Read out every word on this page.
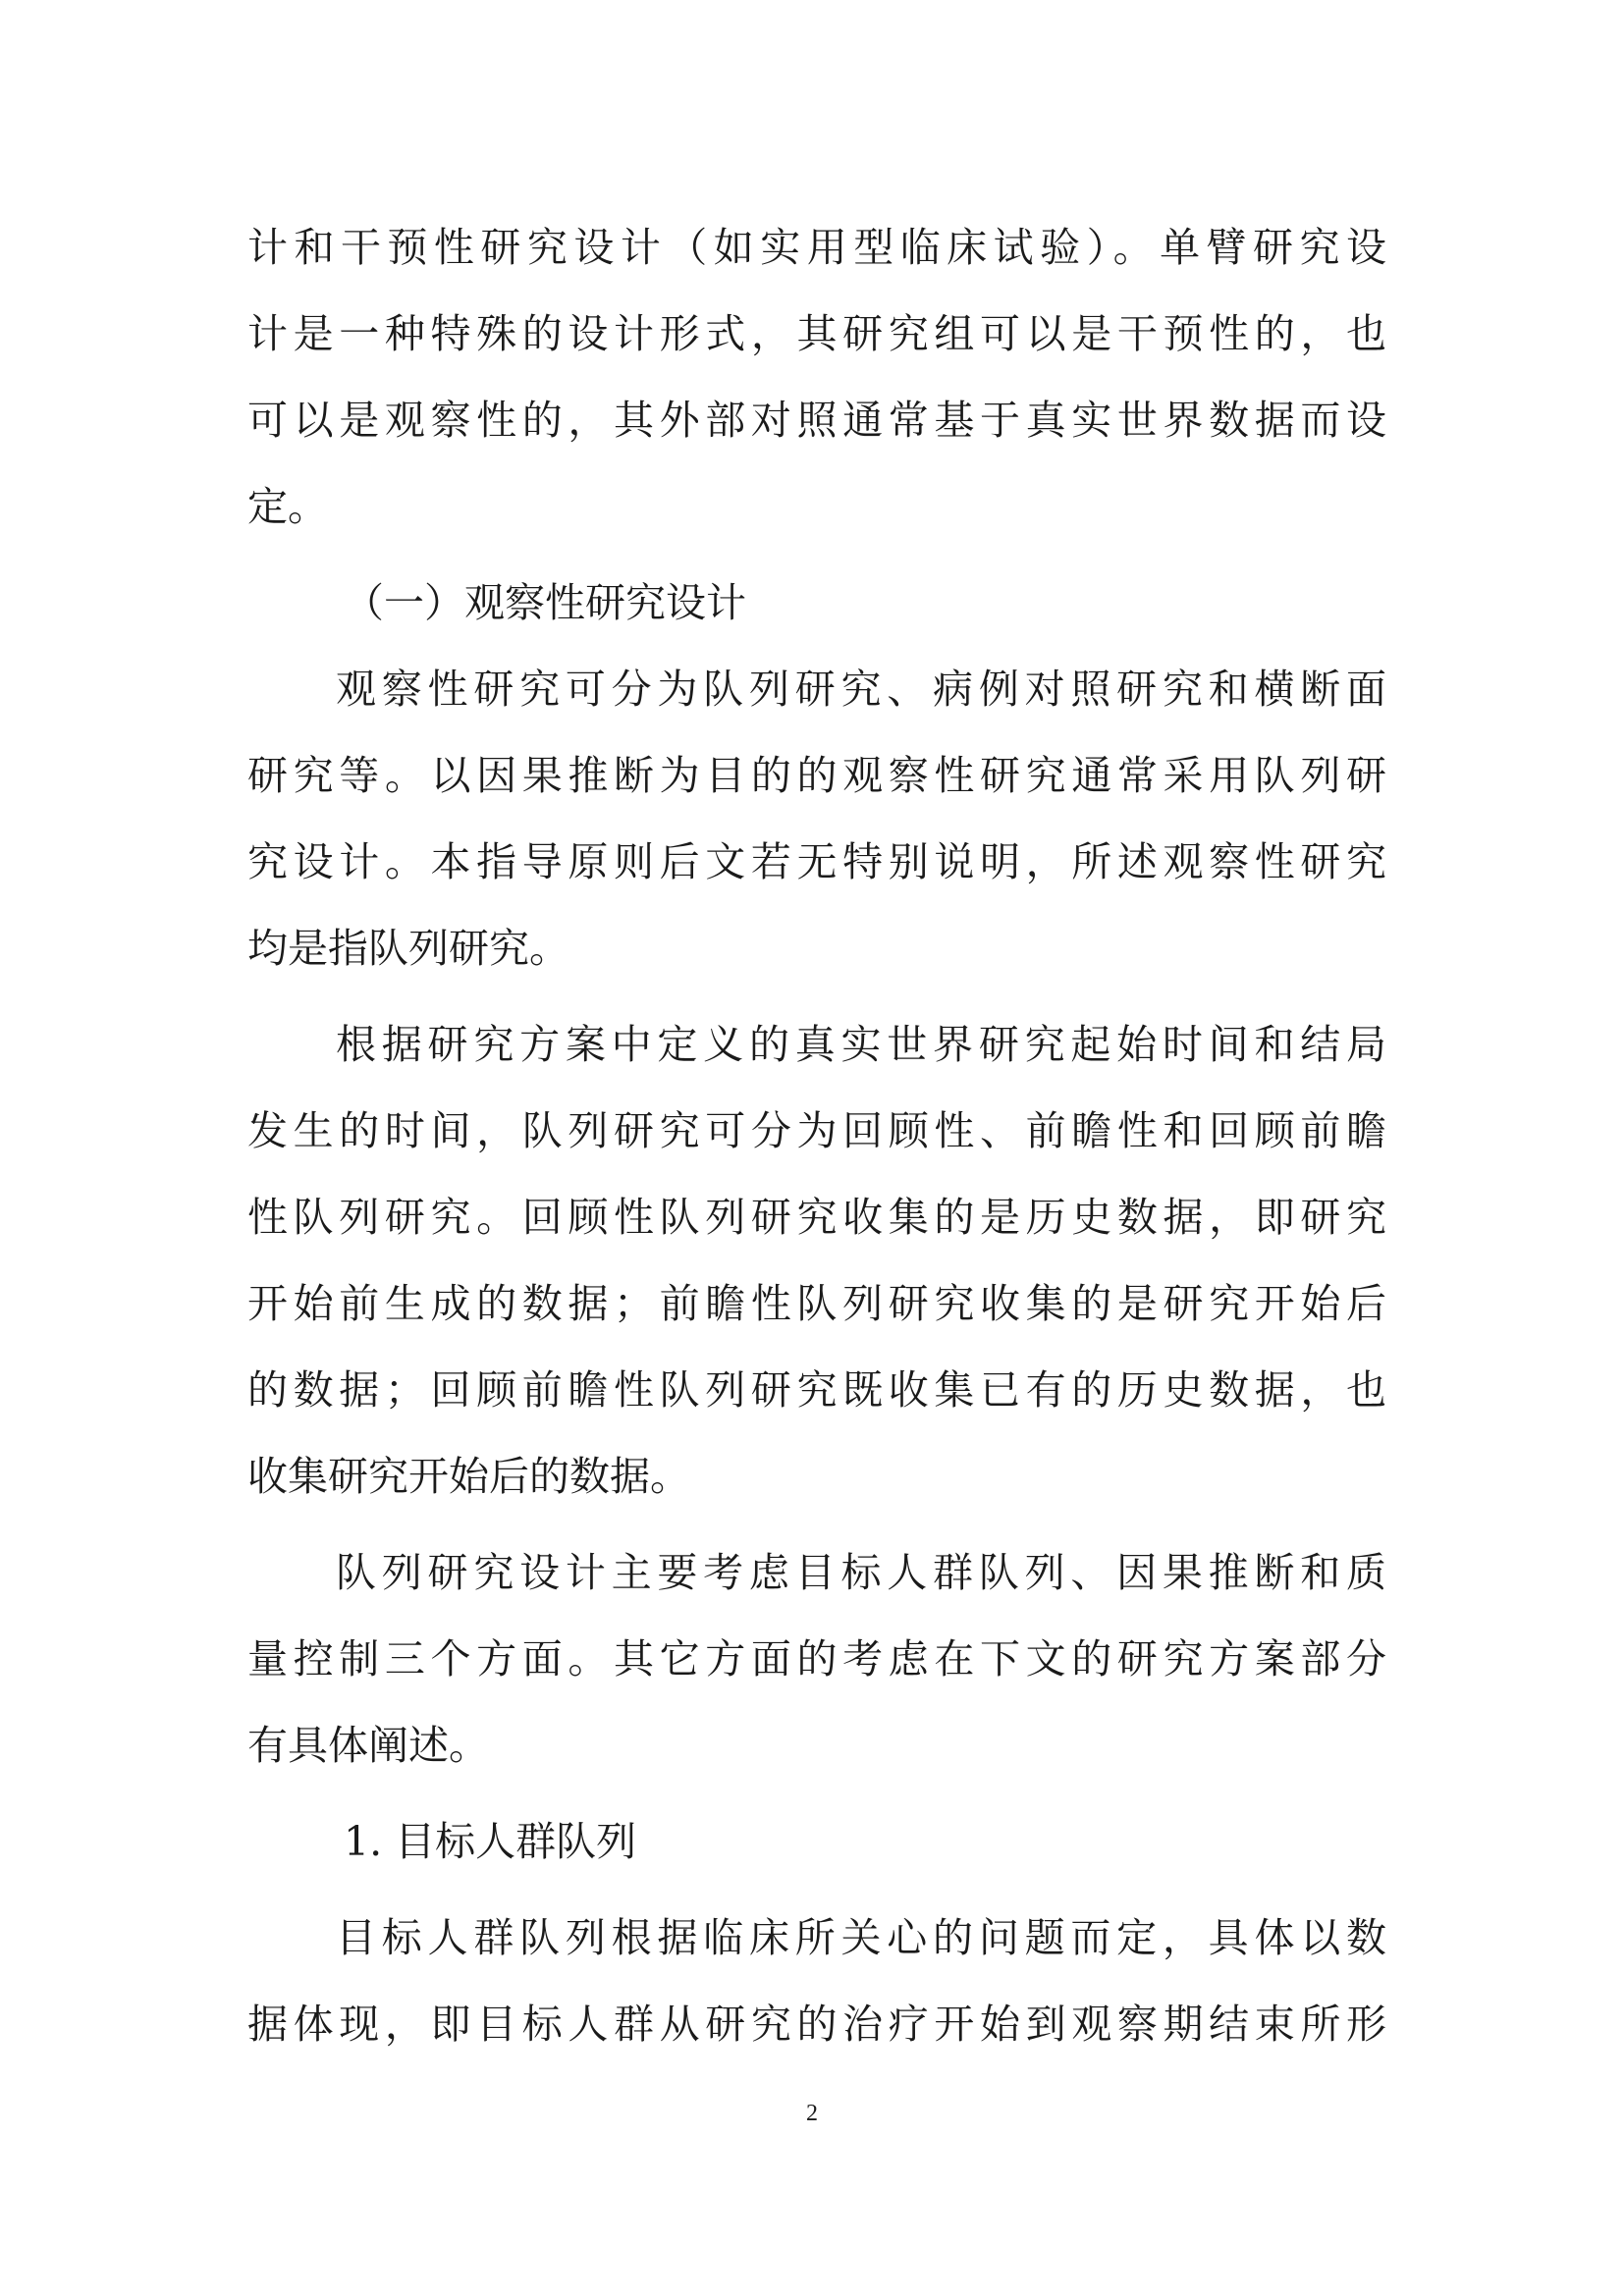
计和干预性研究设计（如实用型临床试验）。单臂研究设

计是一种特殊的设计形式，其研究组可以是干预性的，也

可以是观察性的，其外部对照通常基于真实世界数据而设

定。

（一）观察性研究设计

观察性研究可分为队列研究、病例对照研究和横断面

研究等。以因果推断为目的的观察性研究通常采用队列研

究设计。本指导原则后文若无特别说明，所述观察性研究

均是指队列研究。

根据研究方案中定义的真实世界研究起始时间和结局

发生的时间，队列研究可分为回顾性、前瞻性和回顾前瞻

性队列研究。回顾性队列研究收集的是历史数据，即研究

开始前生成的数据；前瞻性队列研究收集的是研究开始后

的数据；回顾前瞻性队列研究既收集已有的历史数据，也

收集研究开始后的数据。

队列研究设计主要考虑目标人群队列、因果推断和质

量控制三个方面。其它方面的考虑在下文的研究方案部分

有具体阐述。

1. 目标人群队列

目标人群队列根据临床所关心的问题而定，具体以数

据体现，即目标人群从研究的治疗开始到观察期结束所形

2
